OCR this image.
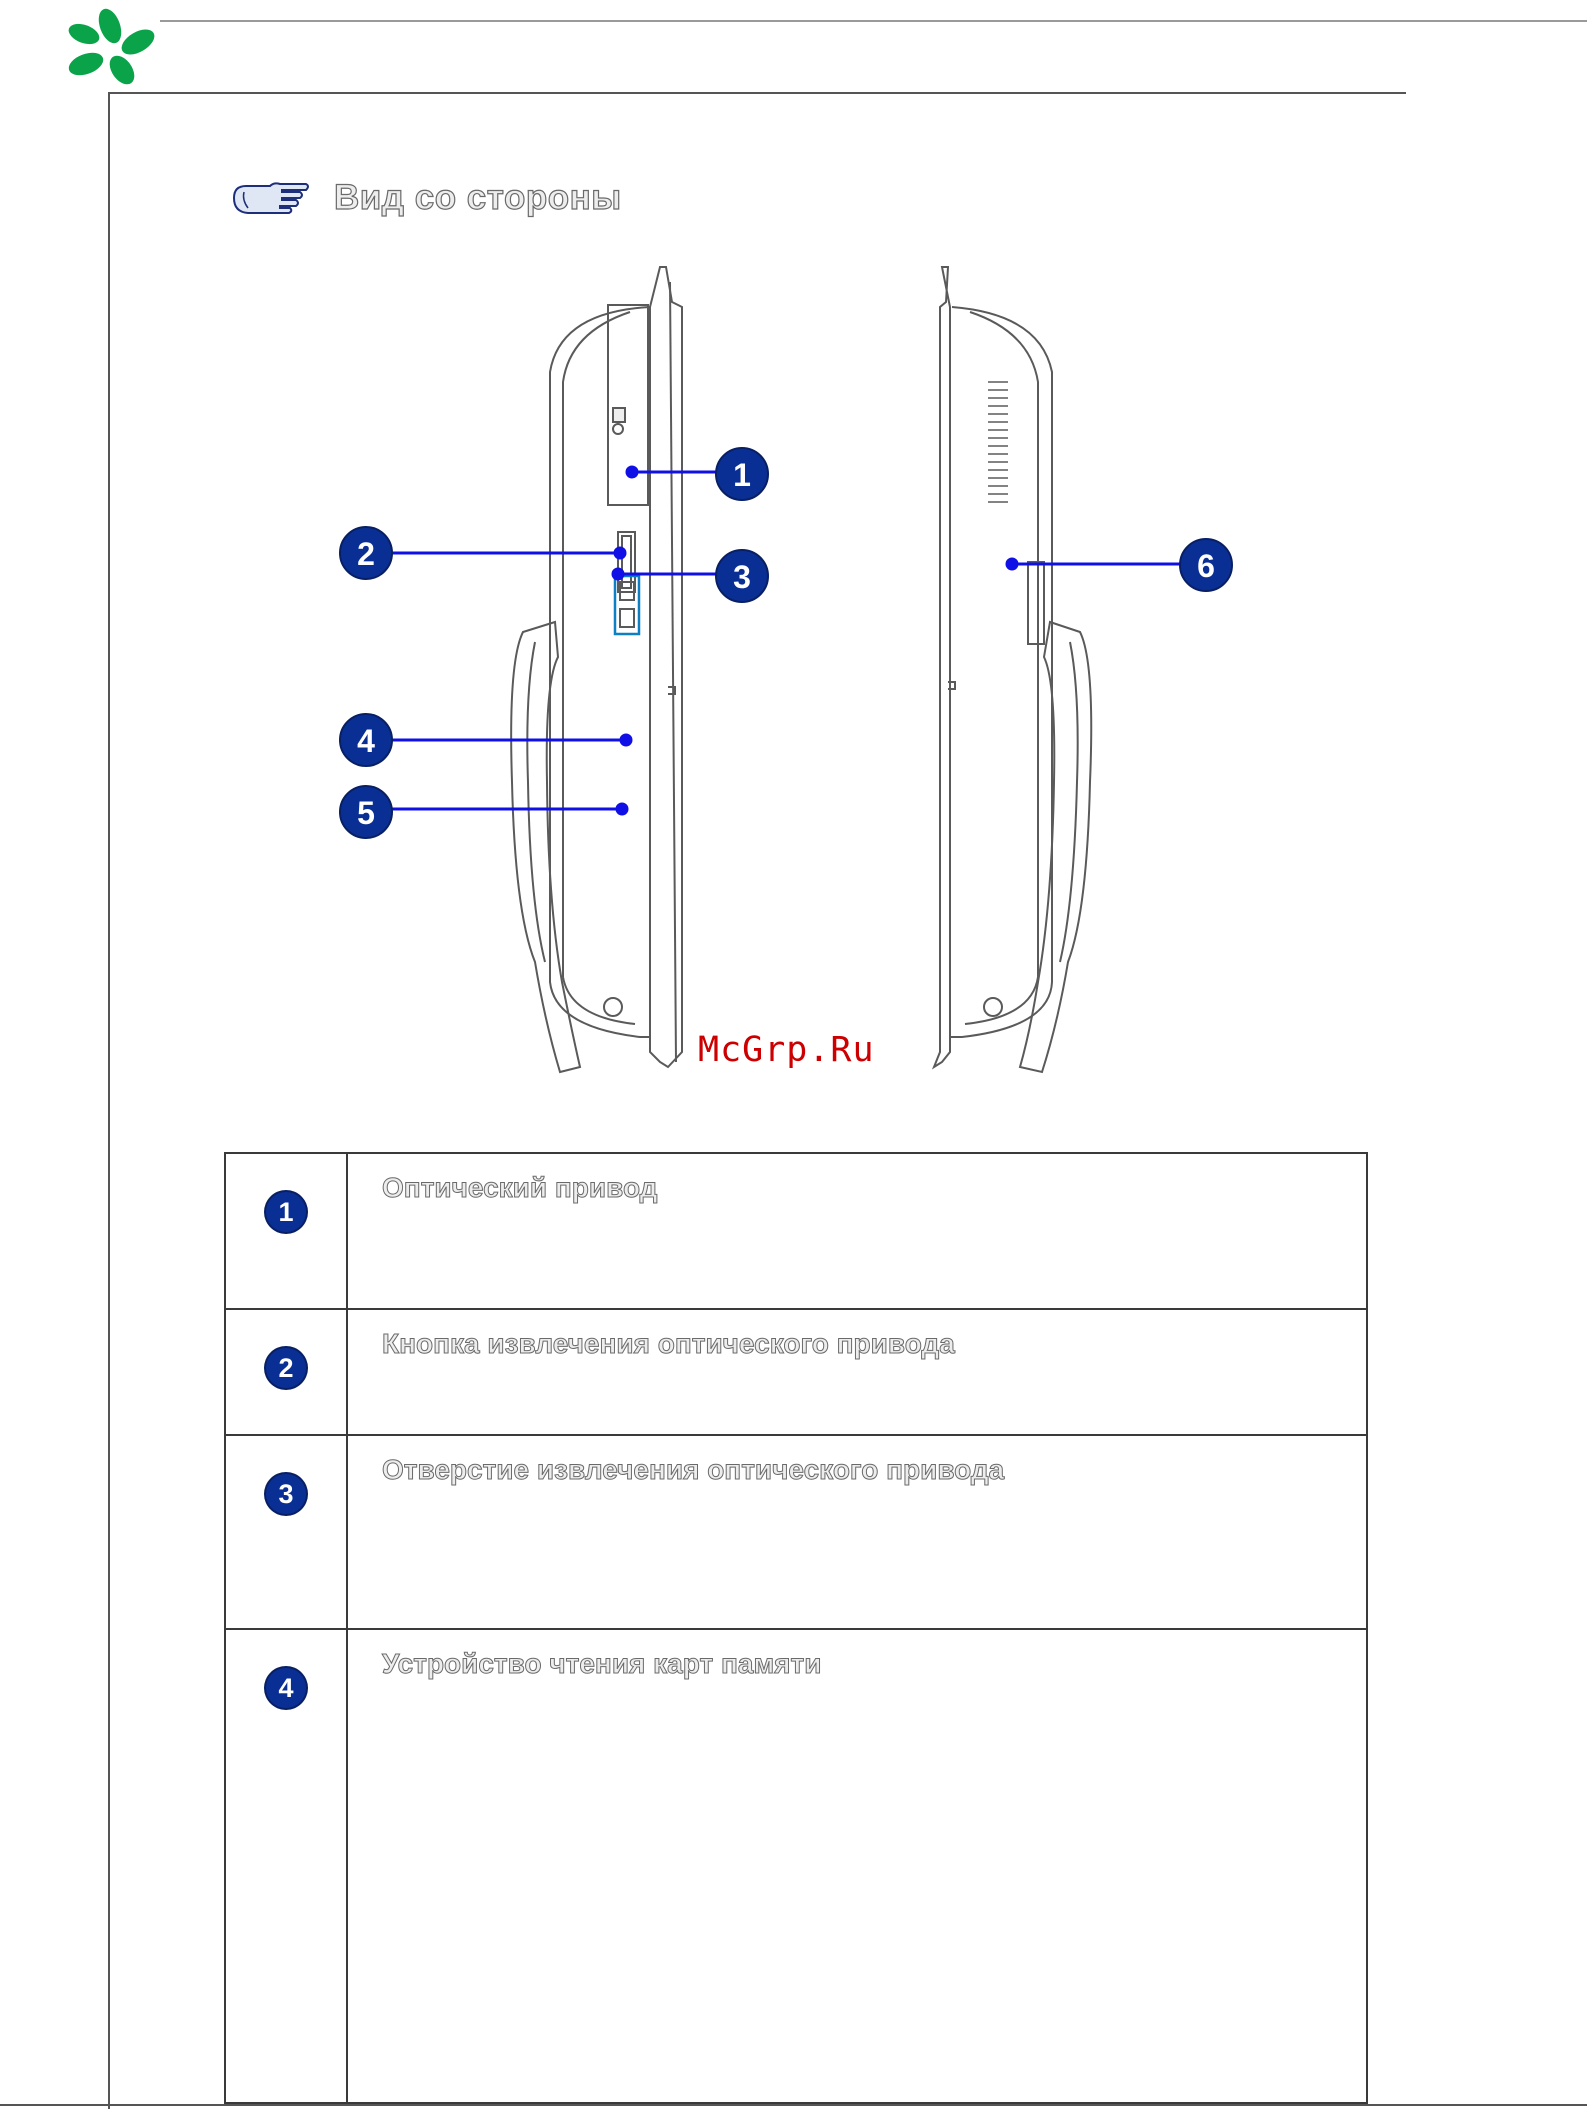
Вид со стороны
1
2
3
4
5
6
McGrp.Ru
1	Оптический привод

2	Кнопка извлечения оптического привода

3	Отверстие извлечения оптического привода

4	Устройство чтения карт памяти
